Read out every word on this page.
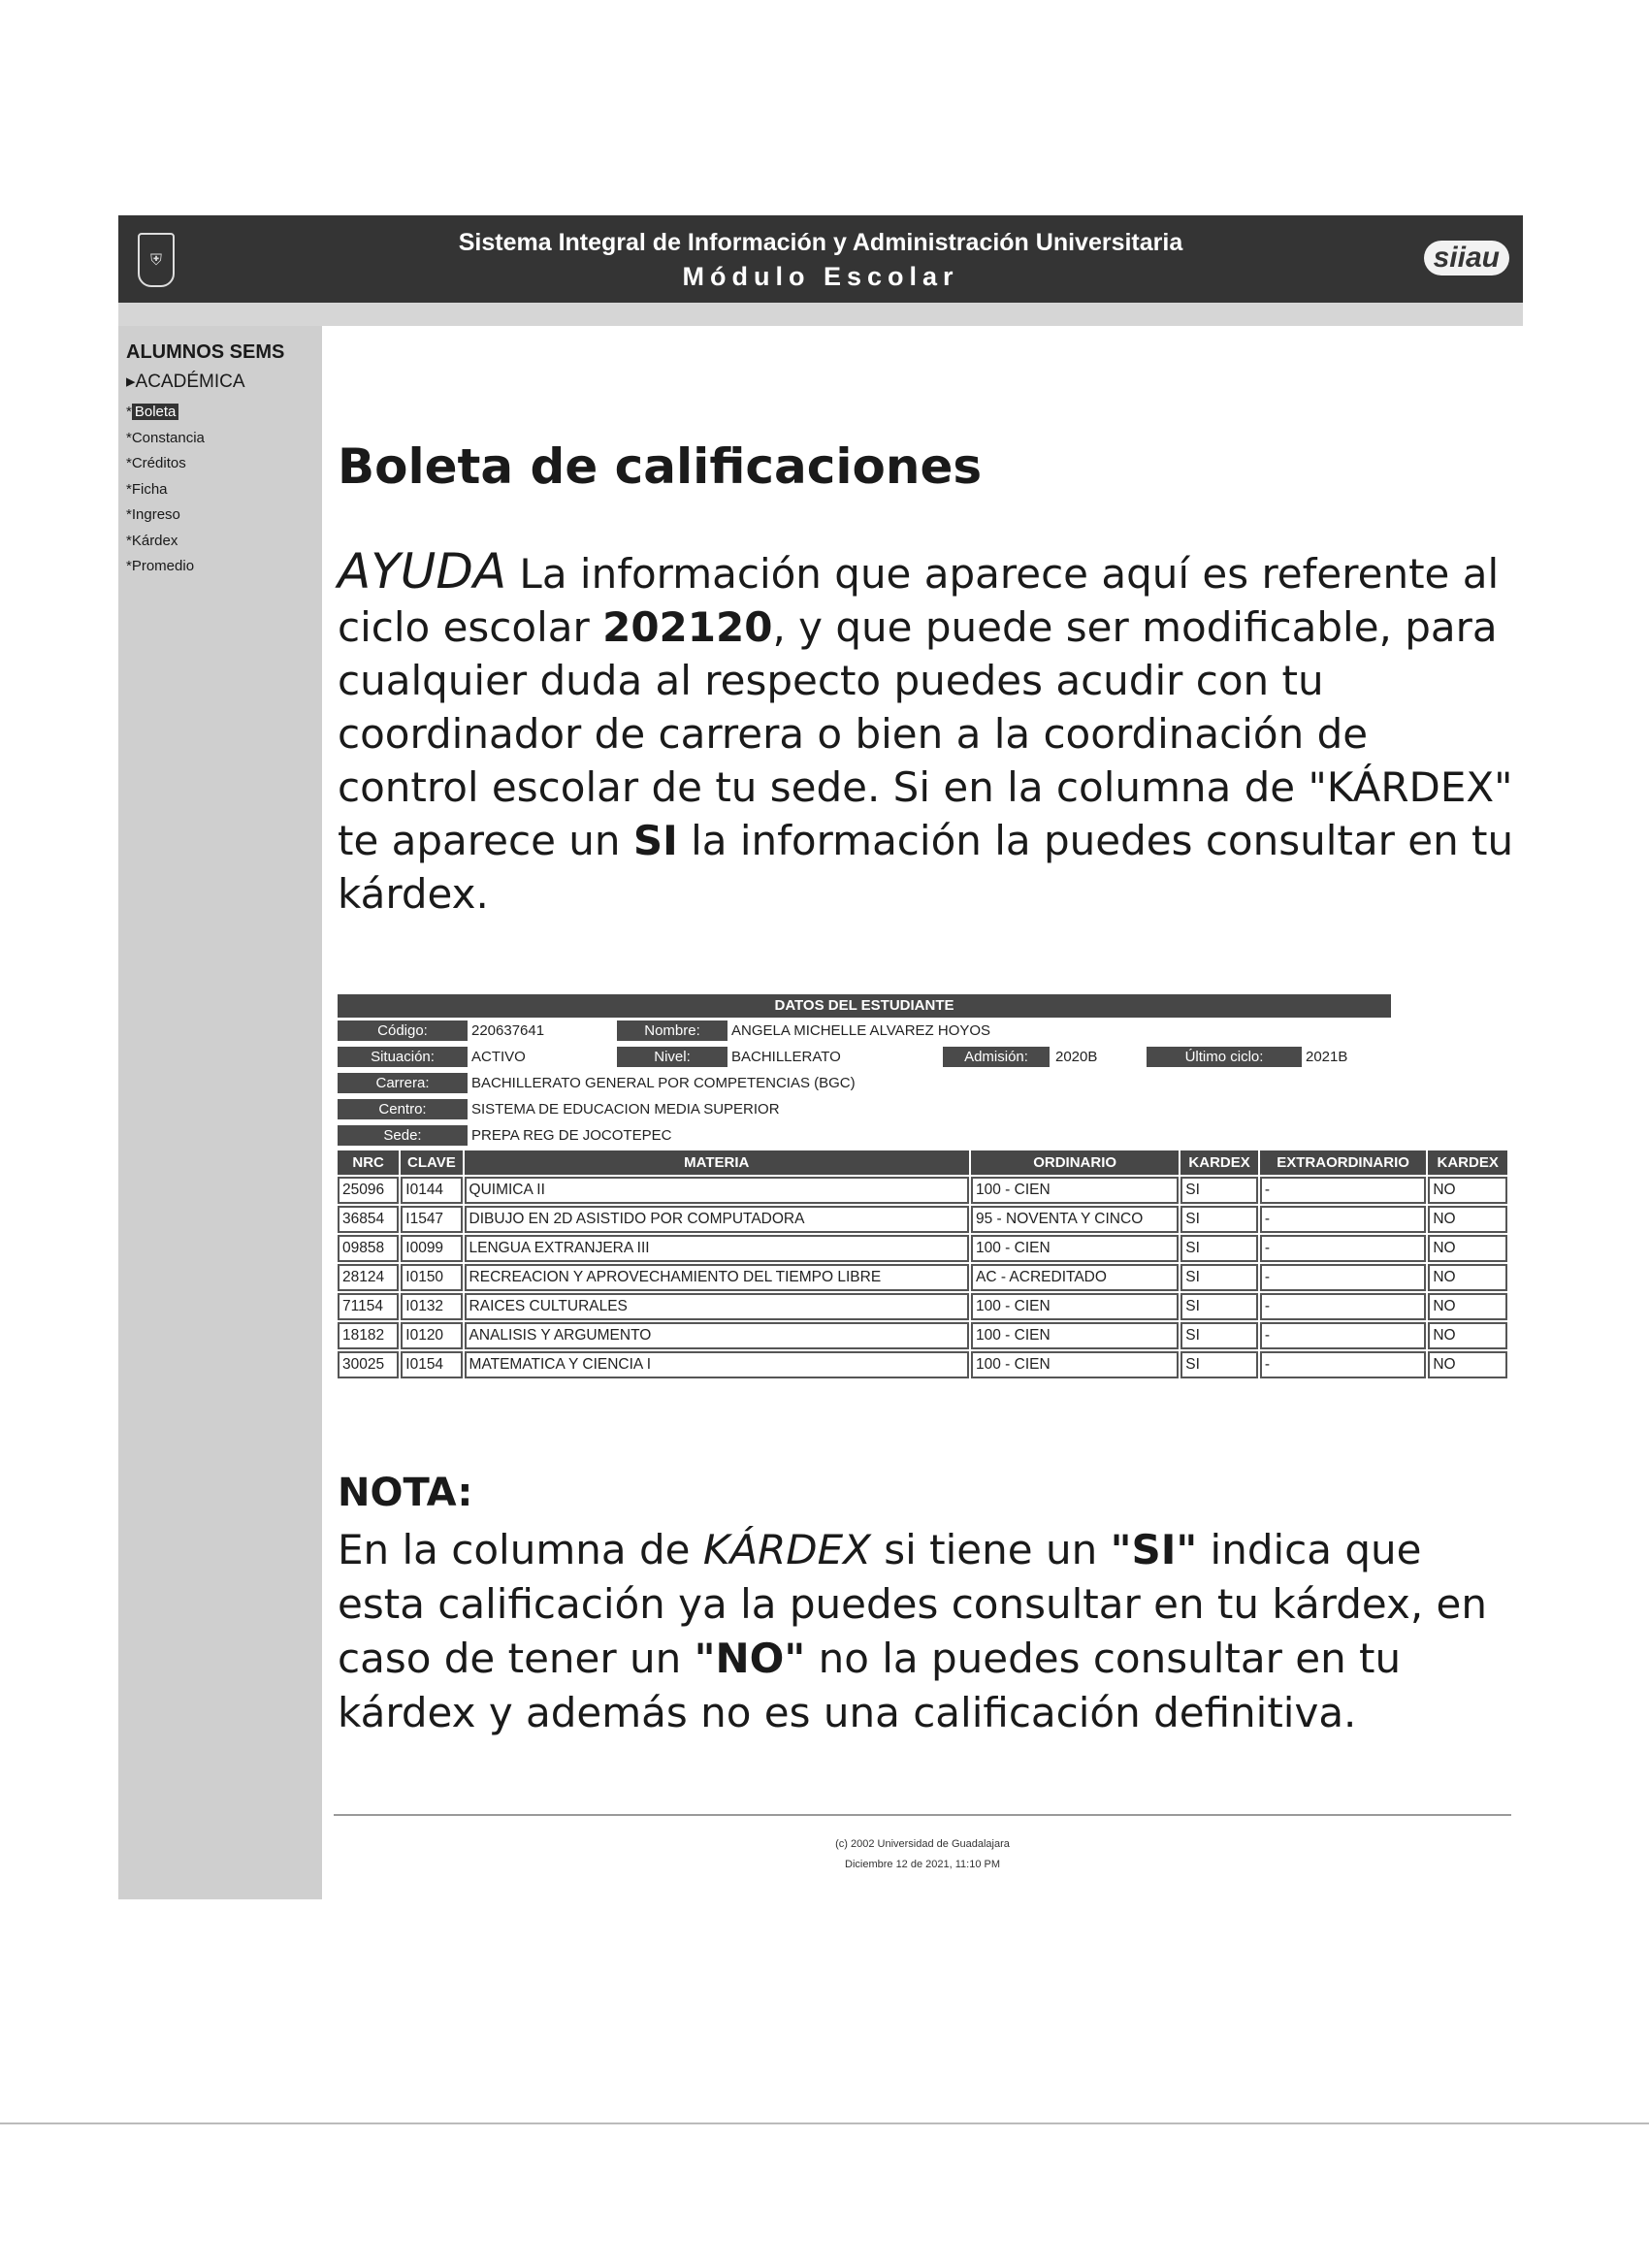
⛨
Sistema Integral de Información y Administración Universitaria
Módulo Escolar
siiau
ALUMNOS SEMS
▸ACADÉMICA
* Boleta
*Constancia
*Créditos
*Ficha
*Ingreso
*Kárdex
*Promedio
Boleta de calificaciones
AYUDA La información que aparece aquí es referente al ciclo escolar 202120, y que puede ser modificable, para cualquier duda al respecto puedes acudir con tu coordinador de carrera o bien a la coordinación de control escolar de tu sede. Si en la columna de "KÁRDEX" te aparece un SI la información la puedes consultar en tu kárdex.
DATOS DEL ESTUDIANTE
Código:	220637641	Nombre:	ANGELA MICHELLE ALVAREZ HOYOS
Situación:	ACTIVO	Nivel:	BACHILLERATO	Admisión:	2020B	Último ciclo:	2021B
Carrera:	BACHILLERATO GENERAL POR COMPETENCIAS (BGC)
Centro:	SISTEMA DE EDUCACION MEDIA SUPERIOR
Sede:	PREPA REG DE JOCOTEPEC
NRC	CLAVE	MATERIA	ORDINARIO	KARDEX	EXTRAORDINARIO	KARDEX
25096	I0144	QUIMICA II	100 - CIEN	SI	-	NO
36854	I1547	DIBUJO EN 2D ASISTIDO POR COMPUTADORA	95 - NOVENTA Y CINCO	SI	-	NO
09858	I0099	LENGUA EXTRANJERA III	100 - CIEN	SI	-	NO
28124	I0150	RECREACION Y APROVECHAMIENTO DEL TIEMPO LIBRE	AC - ACREDITADO	SI	-	NO
71154	I0132	RAICES CULTURALES	100 - CIEN	SI	-	NO
18182	I0120	ANALISIS Y ARGUMENTO	100 - CIEN	SI	-	NO
30025	I0154	MATEMATICA Y CIENCIA I	100 - CIEN	SI	-	NO
NOTA:
En la columna de KÁRDEX si tiene un "SI" indica que esta calificación ya la puedes consultar en tu kárdex, en caso de tener un "NO" no la puedes consultar en tu kárdex y además no es una calificación definitiva.
(c) 2002 Universidad de Guadalajara
Diciembre 12 de 2021, 11:10 PM
